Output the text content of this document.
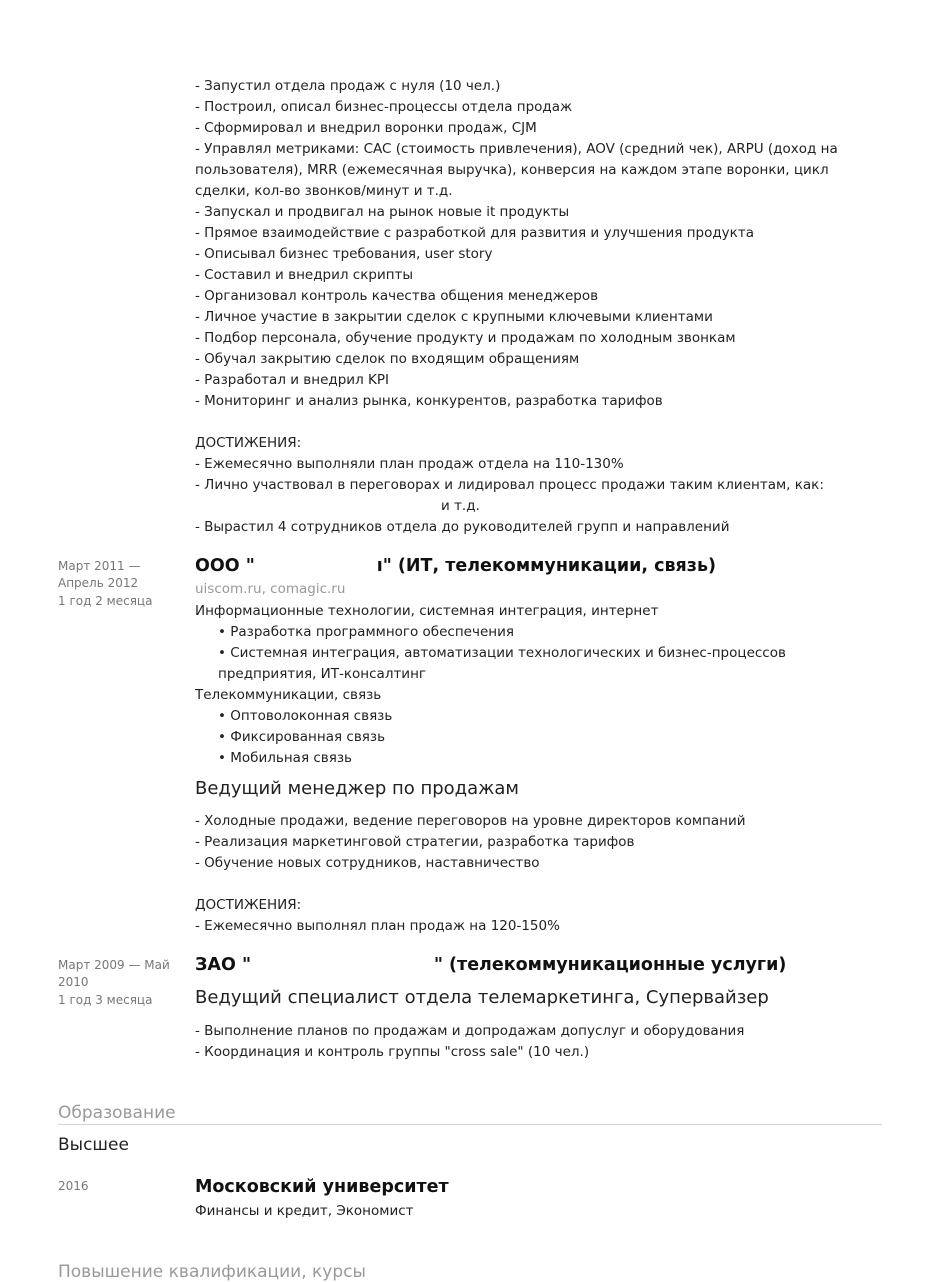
- Запустил отдела продаж с нуля (10 чел.)
- Построил, описал бизнес-процессы отдела продаж
- Сформировал и внедрил воронки продаж, CJM
- Управлял метриками: CAC (стоимость привлечения), AOV (средний чек), ARPU (доход на пользователя), MRR (ежемесячная выручка), конверсия на каждом этапе воронки, цикл сделки, кол-во звонков/минут и т.д.
- Запускал и продвигал на рынок новые it продукты
- Прямое взаимодействие с разработкой для развития и улучшения продукта
- Описывал бизнес требования, user story
- Составил и внедрил скрипты
- Организовал контроль качества общения менеджеров
- Личное участие в закрытии сделок с крупными ключевыми клиентами
- Подбор персонала, обучение продукту и продажам по холодным звонкам
- Обучал закрытию сделок по входящим обращениям
- Разработал и внедрил KPI
- Мониторинг и анализ рынка, конкурентов, разработка тарифов
ДОСТИЖЕНИЯ:
- Ежемесячно выполняли план продаж отдела на 110-130%
- Лично участвовал в переговорах и лидировал процесс продажи таким клиентам, как:
и т.д.
- Вырастил 4 сотрудников отдела до руководителей групп и направлений
Март 2011 — Апрель 2012
1 год 2 месяца
ООО "                    ı" (ИТ, телекоммуникации, связь)
uiscom.ru, comagic.ru
Информационные технологии, системная интеграция, интернет
• Разработка программного обеспечения
• Системная интеграция, автоматизации технологических и бизнес-процессов
предприятия, ИТ-консалтинг
Телекоммуникации, связь
• Оптоволоконная связь
• Фиксированная связь
• Мобильная связь
Ведущий менеджер по продажам
- Холодные продажи, ведение переговоров на уровне директоров компаний
- Реализация маркетинговой стратегии, разработка тарифов
- Обучение новых сотрудников, наставничество
ДОСТИЖЕНИЯ:
- Ежемесячно выполнял план продаж на 120-150%
Март 2009 — Май 2010
1 год 3 месяца
ЗАО "                              " (телекоммуникационные услуги)
Ведущий специалист отдела телемаркетинга, Супервайзер
- Выполнение планов по продажам и допродажам допуслуг и оборудования
- Координация и контроль группы "cross sale" (10 чел.)
Образование
Высшее
2016	Московский университет
Финансы и кредит, Экономист
Повышение квалификации, курсы
